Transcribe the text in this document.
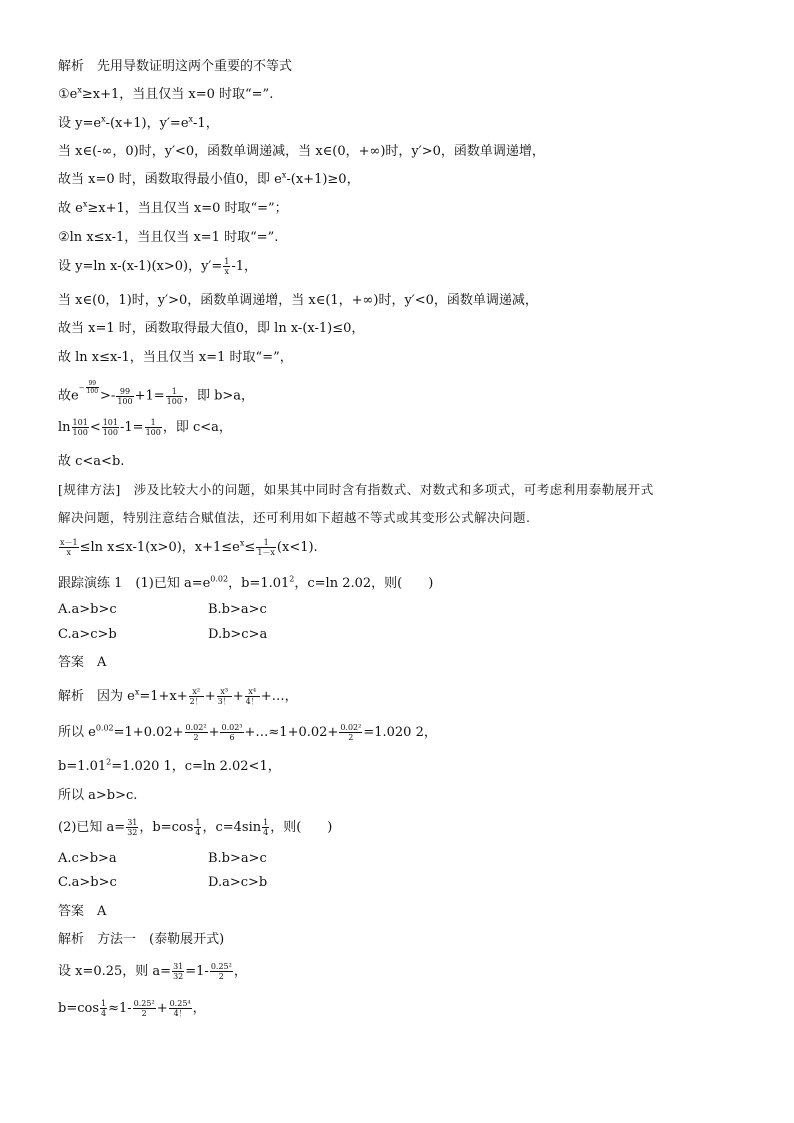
解析　先用导数证明这两个重要的不等式
$①e^x\ge x+1$，当且仅当 x=0 时取“=”.
设 $y=e^x-(x+1)$，$y'=e^x-1$，
当 x∈(-∞，0)时，y′<0，函数单调递减，当 x∈(0，+∞)时，y′>0，函数单调递增，
故当 x=0 时，函数取得最小值0，即 $e^x-(x+1)\ge 0$，
故 $e^x\ge x+1$，当且仅当 x=0 时取“=”；
②ln x≤x-1，当且仅当 x=1 时取“=”.
设 y=ln x-(x-1)(x>0)，$y'= \frac{1}{x} -1$，
当 x∈(0，1)时，y′>0，函数单调递增，当 x∈(1，+∞)时，y′<0，函数单调递减，
故当 x=1 时，函数取得最大值0，即 ln x-(x-1)≤0，
故 ln x≤x-1，当且仅当 x=1 时取“=”，
故$e^{- \frac{99}{100}}$
>- $\frac{99}{100} +1= \frac{1}{100}$ ，即 b>a，
$\ln \frac{101}{100} < \frac{101}{100} -1= \frac{1}{100}$ ，即 c<a，
故 c<a<b.
[规律方法]　涉及比较大小的问题，如果其中同时含有指数式、对数式和多项式，可考虑利用泰勒展开式
解决问题，特别注意结合赋值法，还可利用如下超越不等式或其变形公式解决问题.
$\frac{x-1}{x} \le\ln$ x≤x-1(x>0)，$x+1\le e^x\le \frac{1}{1-x} (x<1)$.
跟踪演练 1　(1)已知 $a=e^{0.02}$，$b=1.01^2$，c=ln 2.02，则(　　)
A.a>b>c	B.b>a>c
C.a>c>b	D.b>c>a
答案　A
解析　因为 $e^x=1+x+ \frac{\text{x²}}{2!} + \frac{\text{x³}}{3!} + \frac{\text{x⁴}}{4!}$ +…，
所以 $e^{0.02}=1+0.02+ \frac{\text{0.02²}}{2} + \frac{\text{0.02³}}{6}$ +…≈1+0.02+ $\frac{\text{0.02²}}{2} =1.020$ 2，
$b=1.01^2=1.020$ 1，c=ln 2.02<1，
所以 a>b>c.
(2)已知 $a= \frac{31}{32}$ ，$b=\cos \frac{1}{4}$ ，$c=4\sin \frac{1}{4}$ ，则(　　)
A.c>b>a	B.b>a>c
C.a>b>c	D.a>c>b
答案　A
解析　方法一　(泰勒展开式)
设 x=0.25，则 $a= \frac{31}{32} =1- \frac{\text{0.25²}}{2}$ ，
$b=\cos \frac{1}{4} \approx 1- \frac{\text{0.25²}}{2} + \frac{\text{0.25⁴}}{4!}$ ，
